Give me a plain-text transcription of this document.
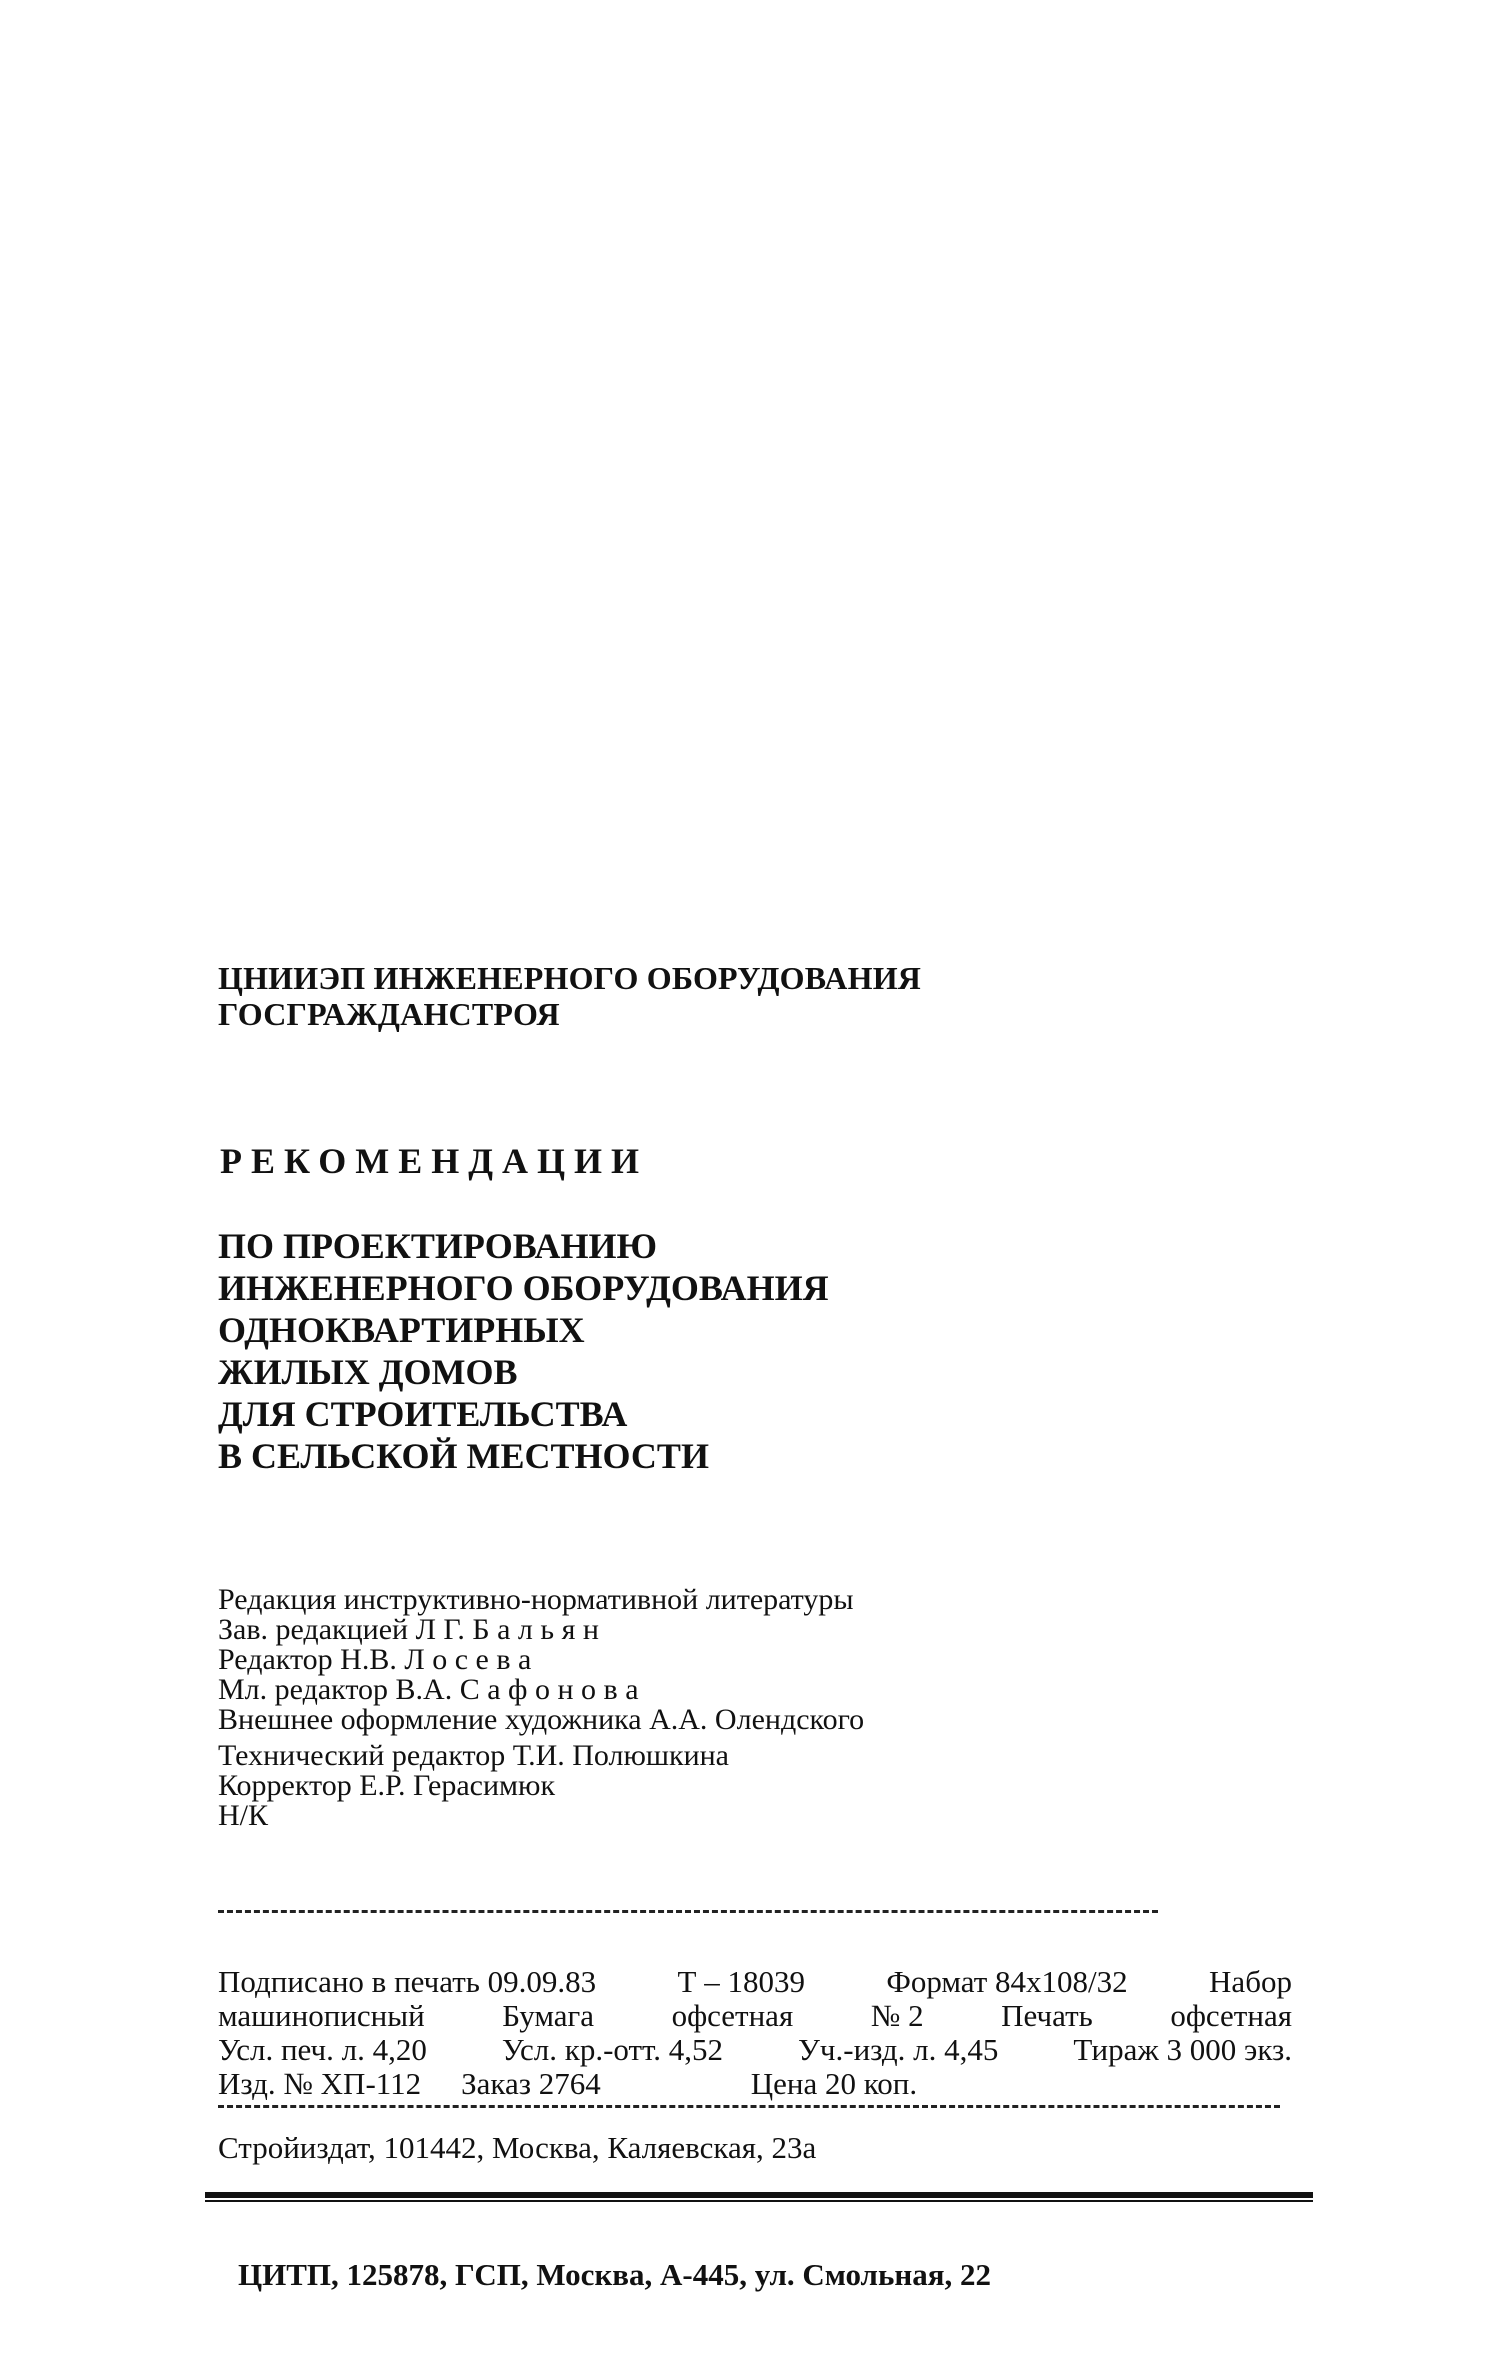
ЦНИИЭП ИНЖЕНЕРНОГО ОБОРУДОВАНИЯ
ГОСГРАЖДАНСТРОЯ
РЕКОМЕНДАЦИИ
ПО ПРОЕКТИРОВАНИЮ
ИНЖЕНЕРНОГО ОБОРУДОВАНИЯ
ОДНОКВАРТИРНЫХ
ЖИЛЫХ ДОМОВ
ДЛЯ СТРОИТЕЛЬСТВА
В СЕЛЬСКОЙ МЕСТНОСТИ
Редакция инструктивно-нормативной литературы
Зав. редакцией Л Г. Б а л ь я н
Редактор Н.В. Л о с е в а
Мл. редактор В.А. С а ф о н о в а
Внешнее оформление художника А.А. Олендского
Технический редактор Т.И. Полюшкина
Корректор Е.Р. Герасимюк
Н/К
Подписано в печать 09.09.83	Т – 18039	Формат 84x108/32	Набор
машинописный	Бумага	офсетная	№ 2	Печать	офсетная
Усл. печ. л. 4,20 Усл. кр.-отт. 4,52 Уч.-изд. л. 4,45 Тираж 3 000 экз.
Изд. № ХП-112 Заказ 2764	Цена 20 коп.
Стройиздат, 101442, Москва, Каляевская, 23а
ЦИТП, 125878, ГСП, Москва, А-445, ул. Смольная, 22
